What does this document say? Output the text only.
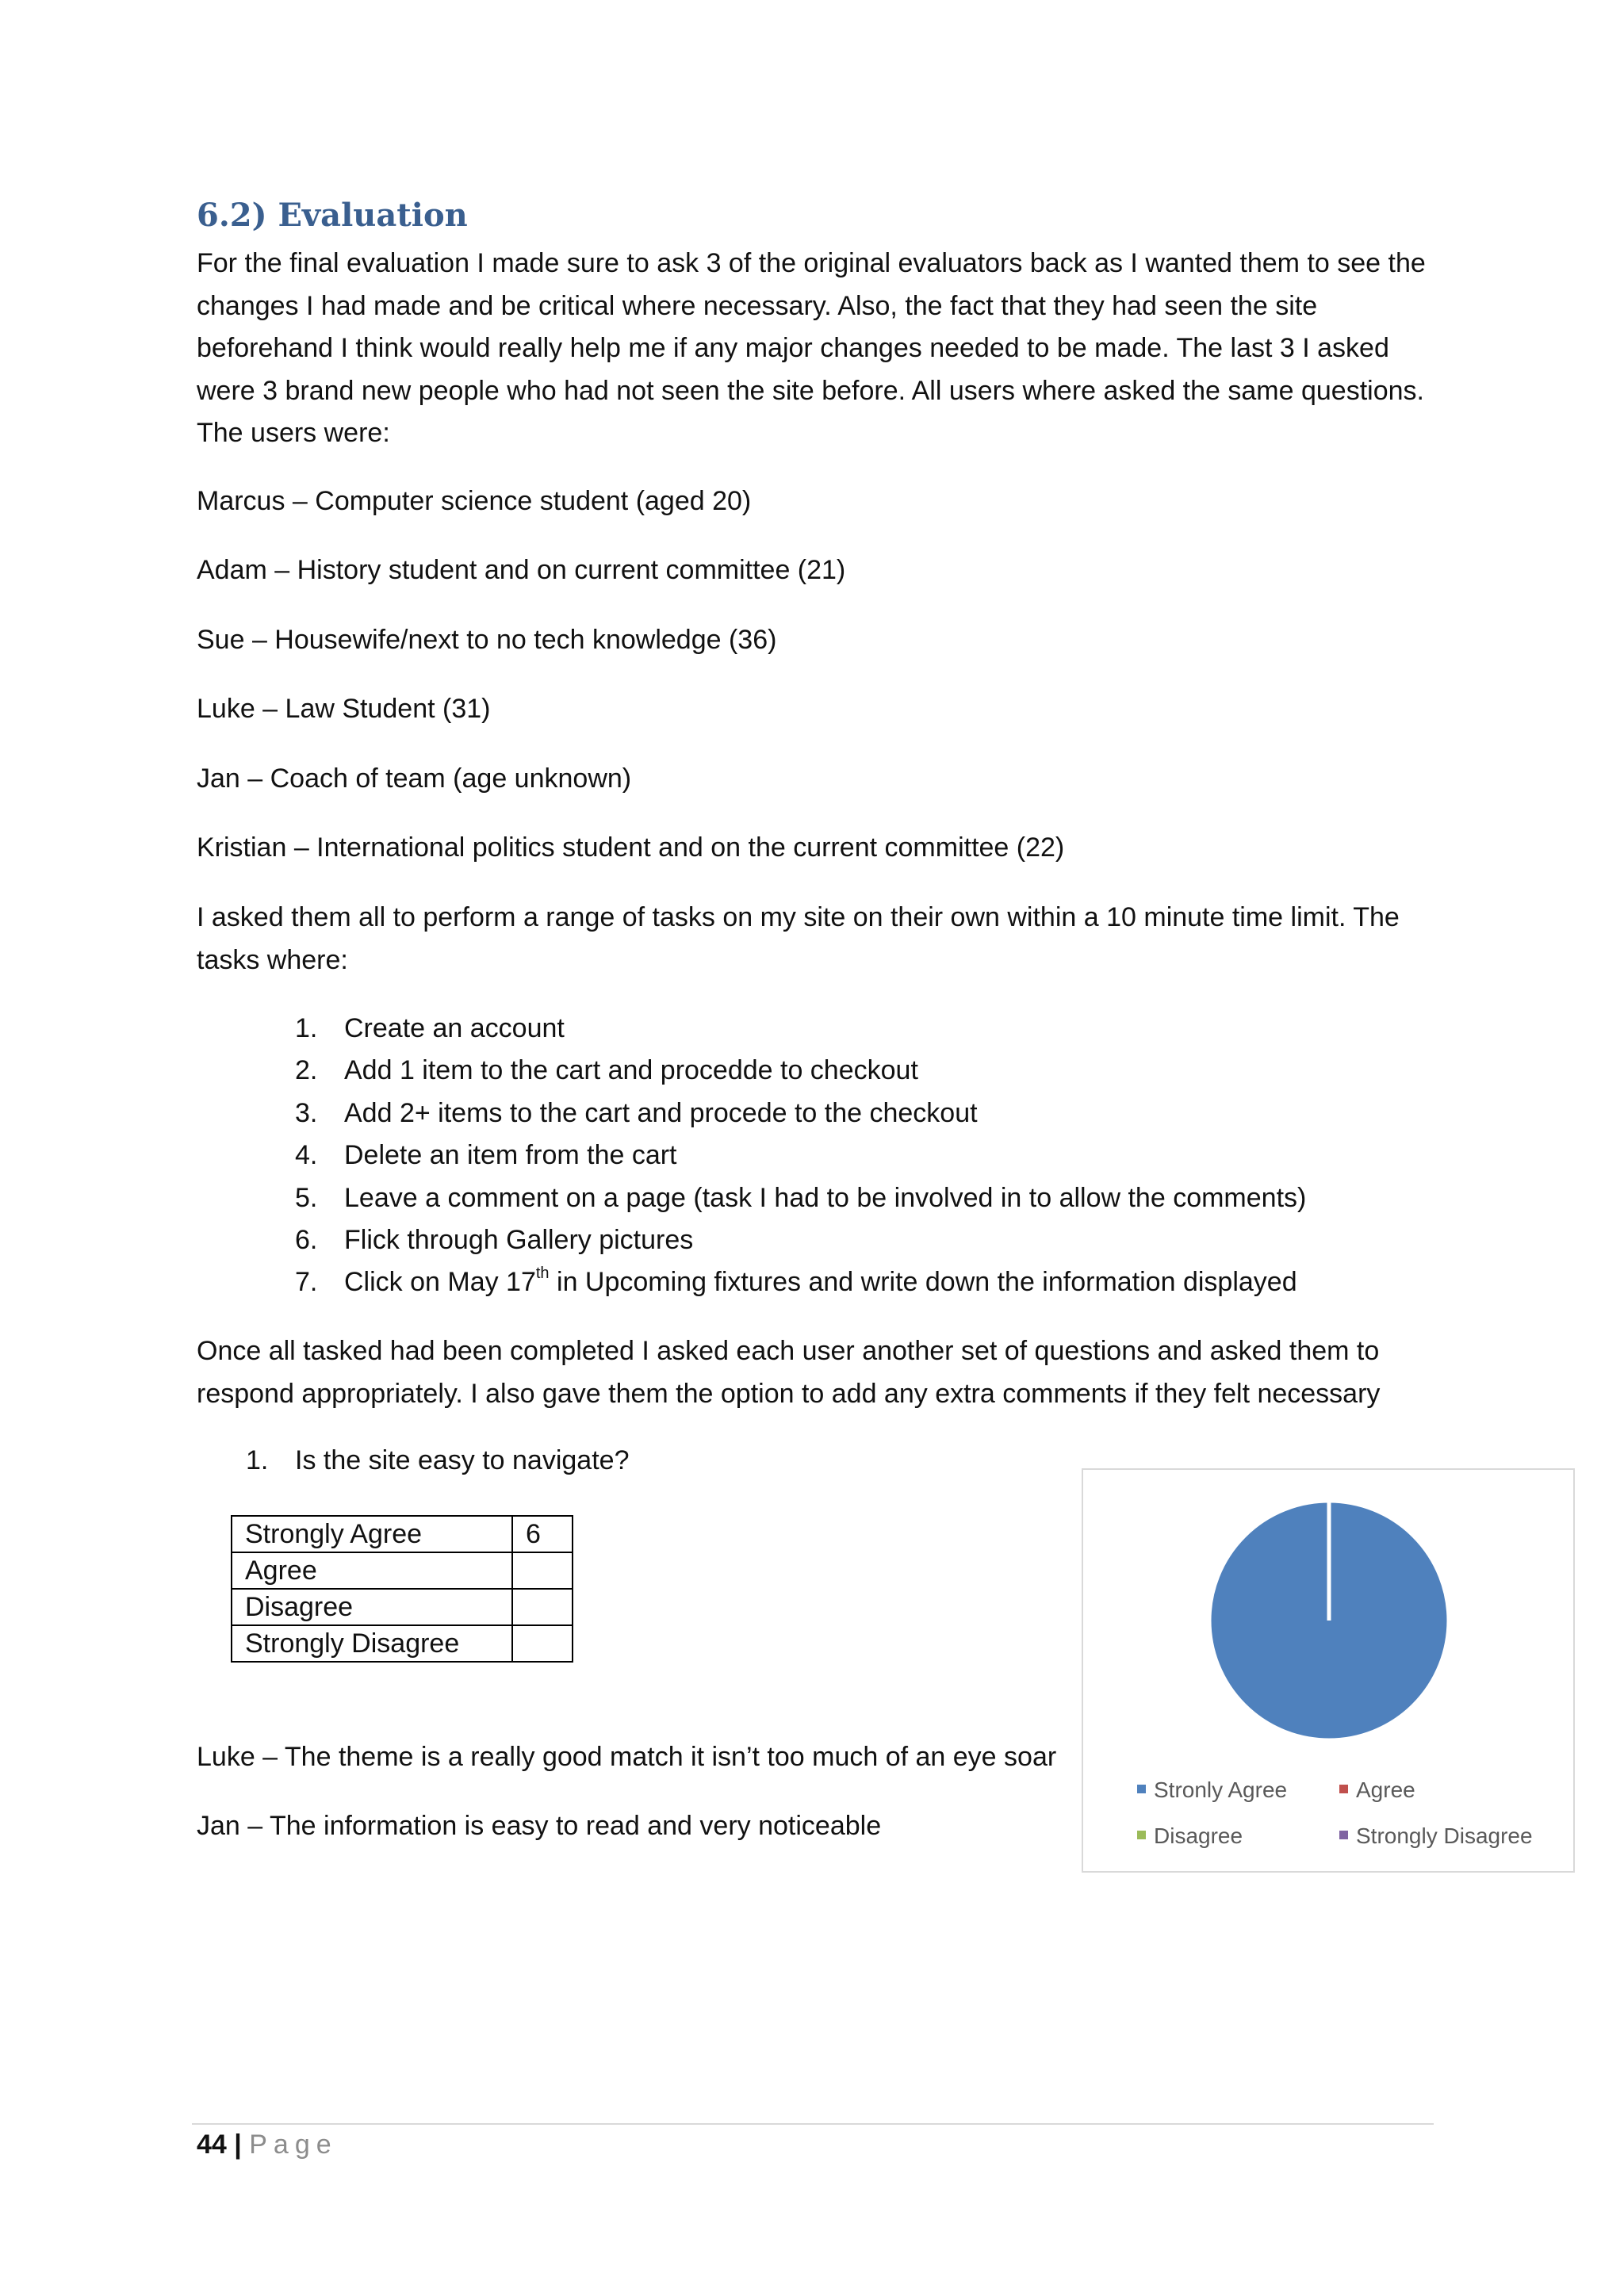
6.2) Evaluation
For the final evaluation I made sure to ask 3 of the original evaluators back as I wanted them to see the changes I had made and be critical where necessary. Also, the fact that they had seen the site beforehand I think would really help me if any major changes needed to be made. The last 3 I asked were 3 brand new people who had not seen the site before. All users where asked the same questions. The users were:
Marcus – Computer science student (aged 20)
Adam – History student and on current committee (21)
Sue – Housewife/next to no tech knowledge (36)
Luke – Law Student (31)
Jan – Coach of team (age unknown)
Kristian – International politics student and on the current committee (22)
I asked them all to perform a range of tasks on my site on their own within a 10 minute time limit. The tasks where:
1. Create an account
2. Add 1 item to the cart and procedde to checkout
3. Add 2+ items to the cart and procede to the checkout
4. Delete an item from the cart
5. Leave a comment on a page (task I had to be involved in to allow the comments)
6. Flick through Gallery pictures
7. Click on May 17th in Upcoming fixtures and write down the information displayed
Once all tasked had been completed I asked each user another set of questions and asked them to respond appropriately. I also gave them the option to add any extra comments if they felt necessary
1. Is the site easy to navigate?
Strongly Agree	6
Agree	
Disagree	
Strongly Disagree	
Luke – The theme is a really good match it isn’t too much of an eye soar
Jan – The information is easy to read and very noticeable
Stronly Agree	Agree
Disagree	Strongly Disagree
44 | Page
